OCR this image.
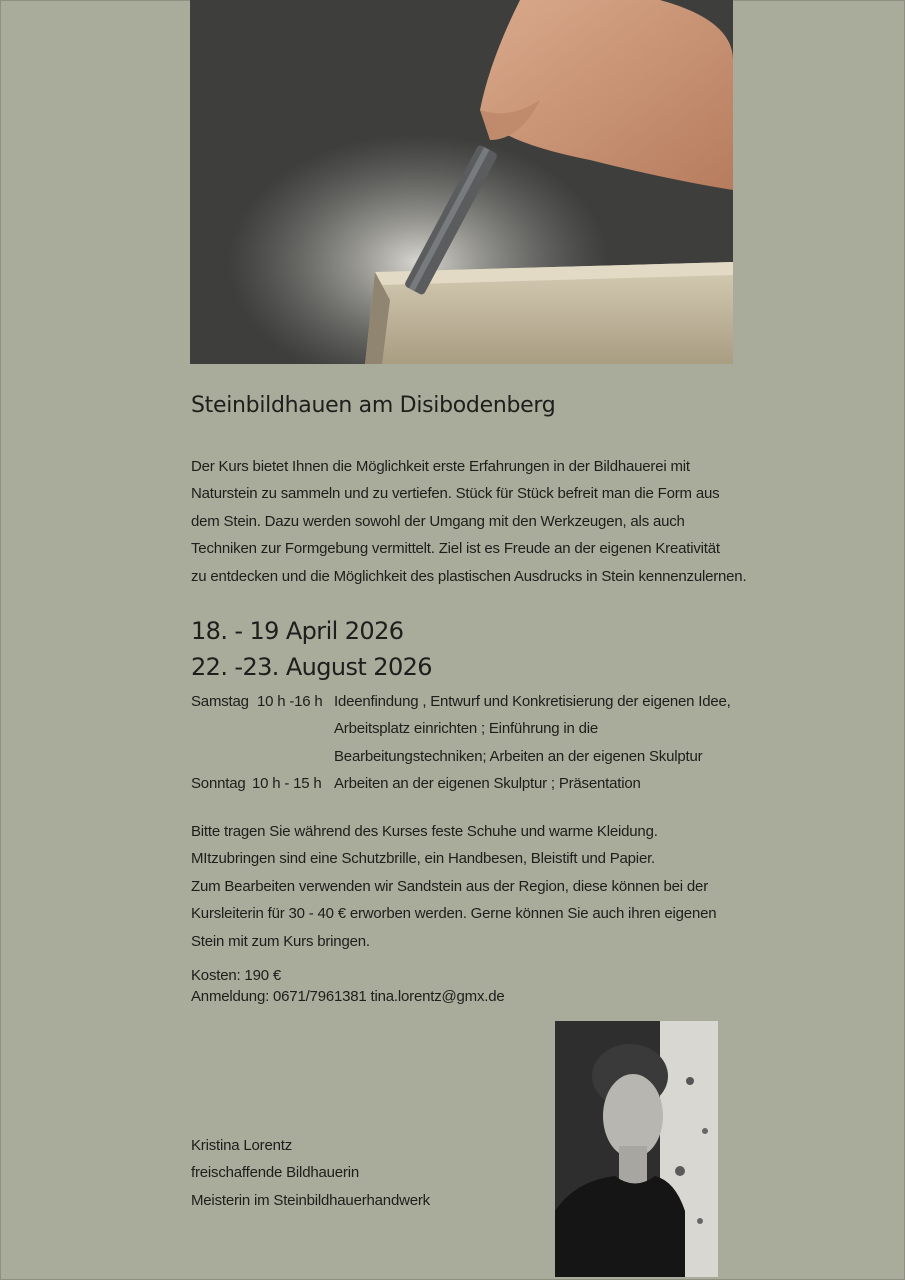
Steinbildhauen am Disibodenberg
Der Kurs bietet Ihnen die Möglichkeit erste Erfahrungen in der Bildhauerei mit
Naturstein zu sammeln und zu vertiefen. Stück für Stück befreit man die Form aus
dem Stein. Dazu werden sowohl der Umgang mit den Werkzeugen, als auch
Techniken zur Formgebung vermittelt. Ziel ist es Freude an der eigenen Kreativität
zu entdecken und die Möglichkeit des plastischen Ausdrucks in Stein kennenzulernen.
18. - 19 April 2026
22. -23. August 2026
Samstag 10 h -16 h Ideenfindung , Entwurf und Konkretisierung der eigenen Idee,
Arbeitsplatz einrichten ; Einführung in die
Bearbeitungstechniken; Arbeiten an der eigenen Skulptur
Sonntag 10 h - 15 h Arbeiten an der eigenen Skulptur ; Präsentation
Bitte tragen Sie während des Kurses feste Schuhe und warme Kleidung.
MItzubringen sind eine Schutzbrille, ein Handbesen, Bleistift und Papier.
Zum Bearbeiten verwenden wir Sandstein aus der Region, diese können bei der
Kursleiterin für 30 - 40 € erworben werden. Gerne können Sie auch ihren eigenen
Stein mit zum Kurs bringen.
Kosten: 190 €
Anmeldung: 0671/7961381 tina.lorentz@gmx.de
Kristina Lorentz
freischaffende Bildhauerin
Meisterin im Steinbildhauerhandwerk
